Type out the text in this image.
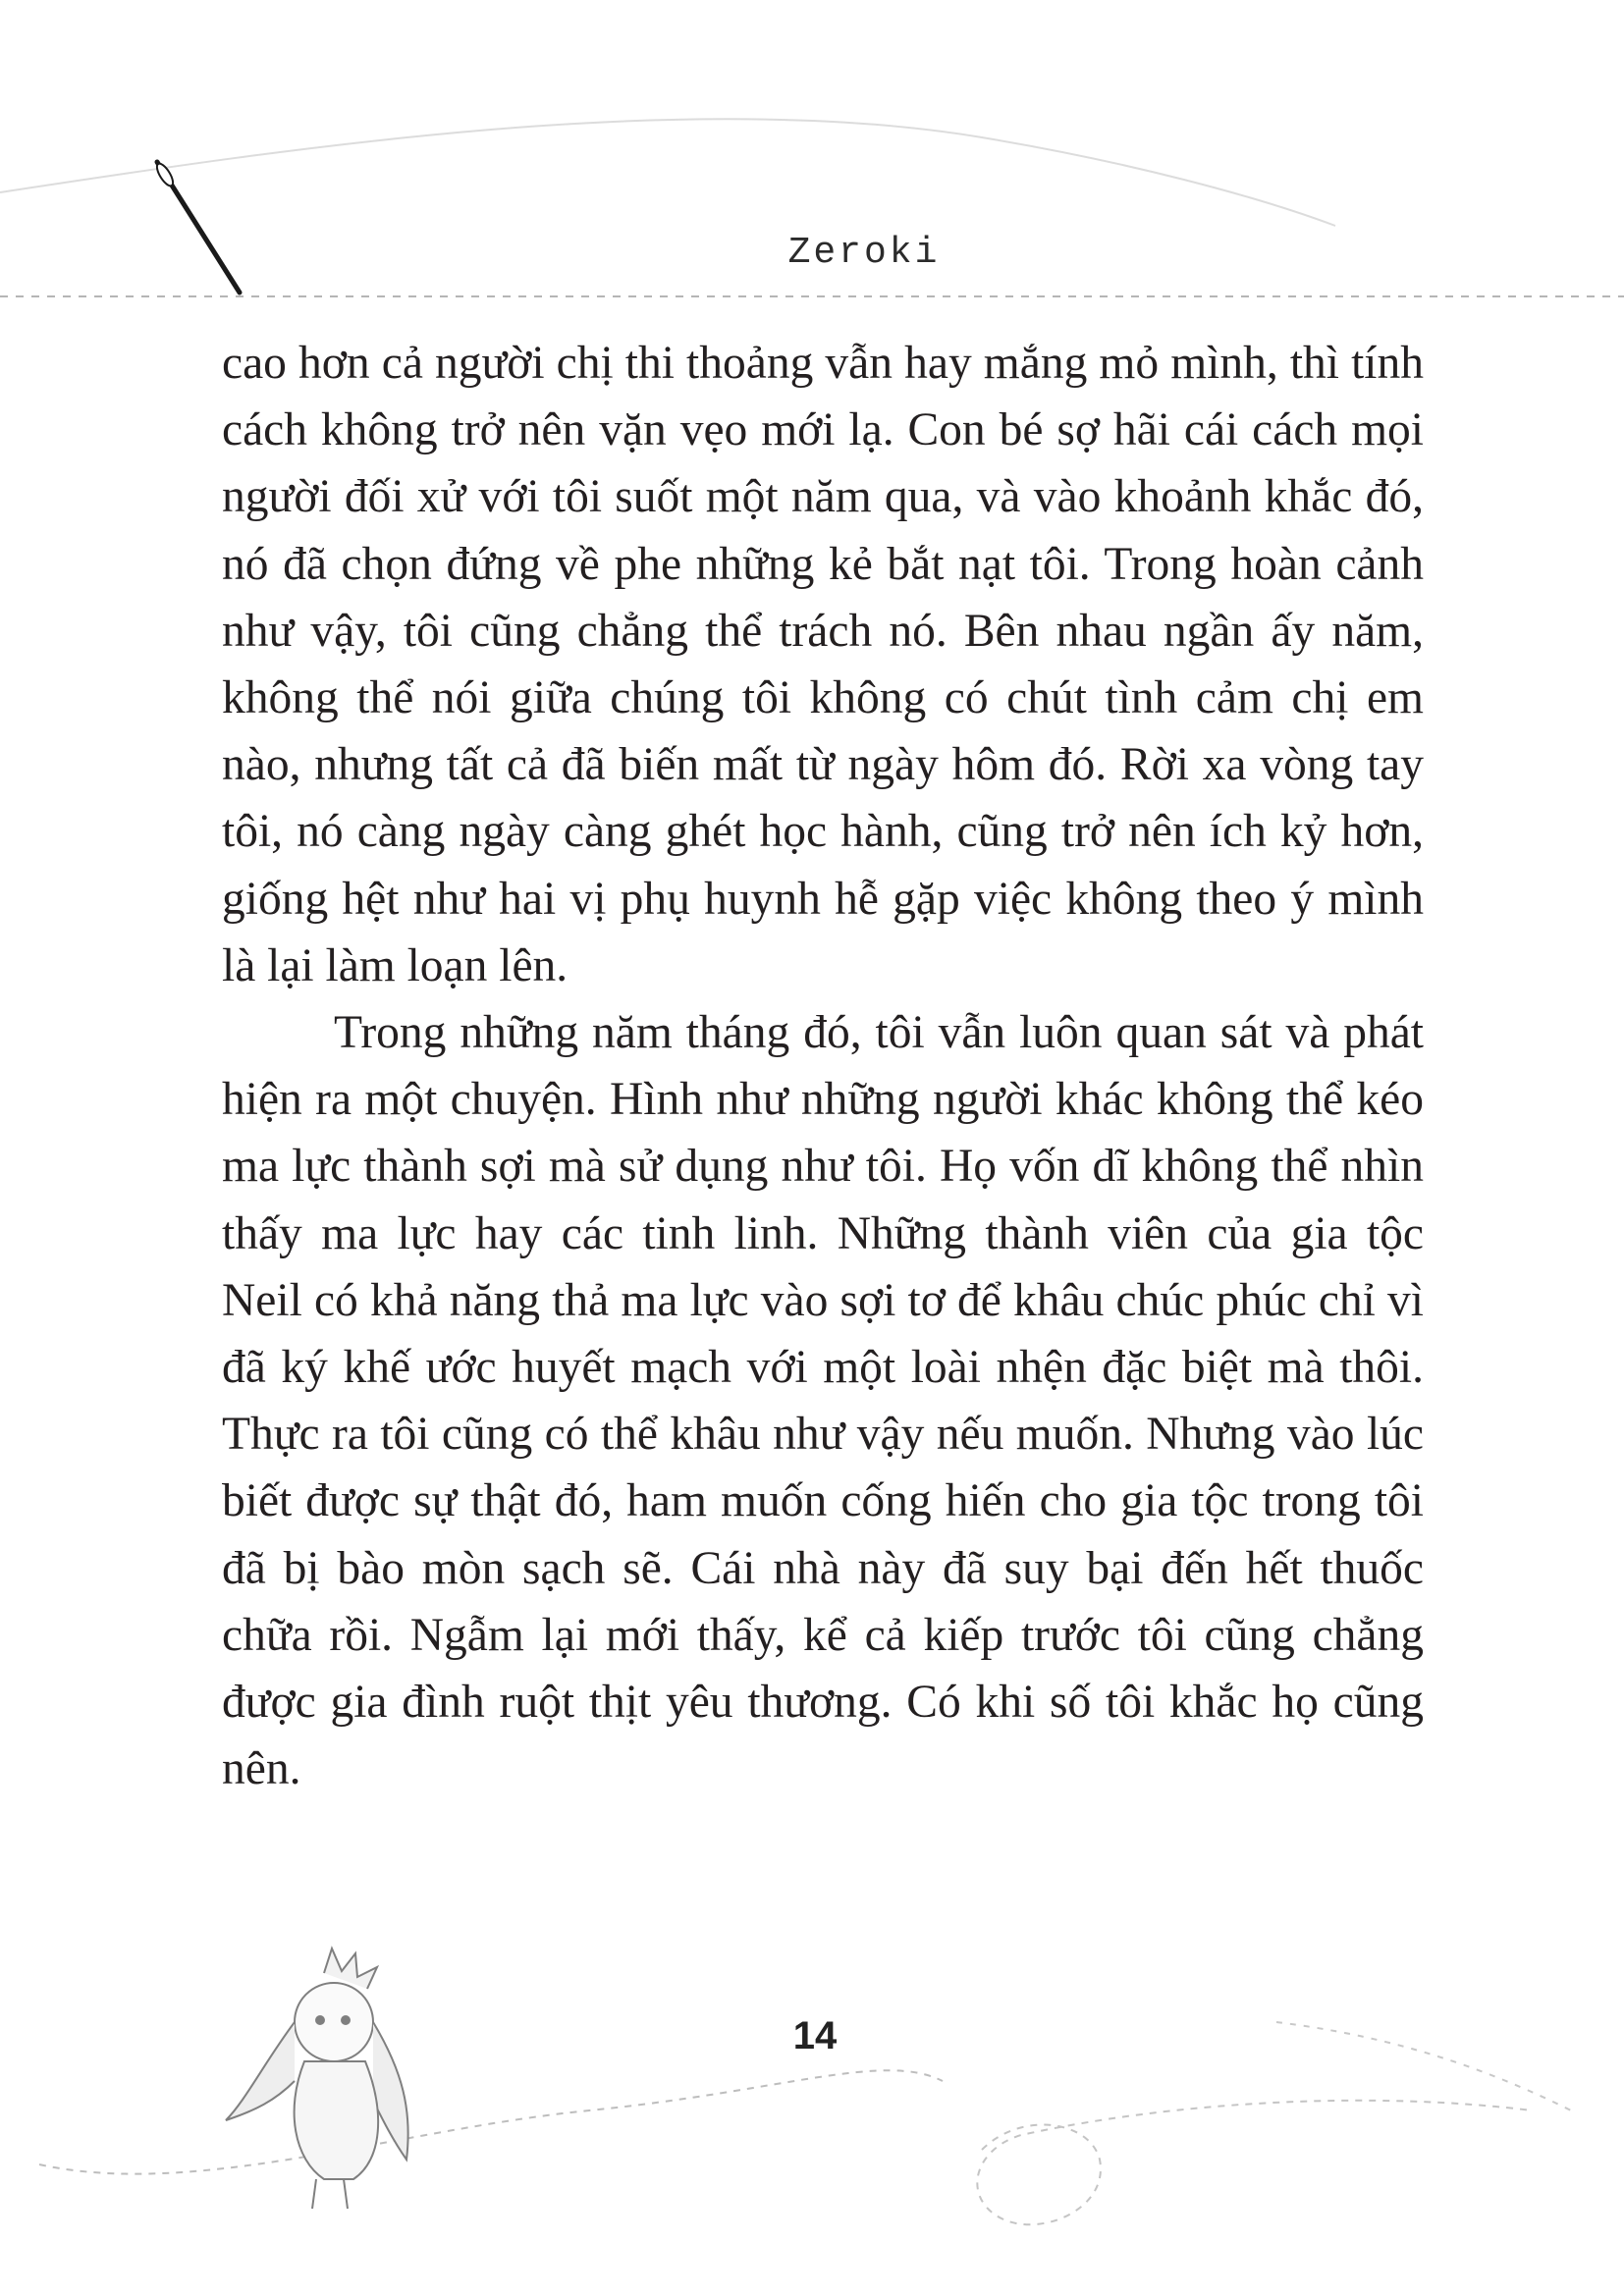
Zeroki

cao hơn cả người chị thi thoảng vẫn hay mắng mỏ mình, thì tính cách không trở nên vặn vẹo mới lạ. Con bé sợ hãi cái cách mọi người đối xử với tôi suốt một năm qua, và vào khoảnh khắc đó, nó đã chọn đứng về phe những kẻ bắt nạt tôi. Trong hoàn cảnh như vậy, tôi cũng chẳng thể trách nó. Bên nhau ngần ấy năm, không thể nói giữa chúng tôi không có chút tình cảm chị em nào, nhưng tất cả đã biến mất từ ngày hôm đó. Rời xa vòng tay tôi, nó càng ngày càng ghét học hành, cũng trở nên ích kỷ hơn, giống hệt như hai vị phụ huynh hễ gặp việc không theo ý mình là lại làm loạn lên.

Trong những năm tháng đó, tôi vẫn luôn quan sát và phát hiện ra một chuyện. Hình như những người khác không thể kéo ma lực thành sợi mà sử dụng như tôi. Họ vốn dĩ không thể nhìn thấy ma lực hay các tinh linh. Những thành viên của gia tộc Neil có khả năng thả ma lực vào sợi tơ để khâu chúc phúc chỉ vì đã ký khế ước huyết mạch với một loài nhện đặc biệt mà thôi. Thực ra tôi cũng có thể khâu như vậy nếu muốn. Nhưng vào lúc biết được sự thật đó, ham muốn cống hiến cho gia tộc trong tôi đã bị bào mòn sạch sẽ. Cái nhà này đã suy bại đến hết thuốc chữa rồi. Ngẫm lại mới thấy, kể cả kiếp trước tôi cũng chẳng được gia đình ruột thịt yêu thương. Có khi số tôi khắc họ cũng nên.

14
